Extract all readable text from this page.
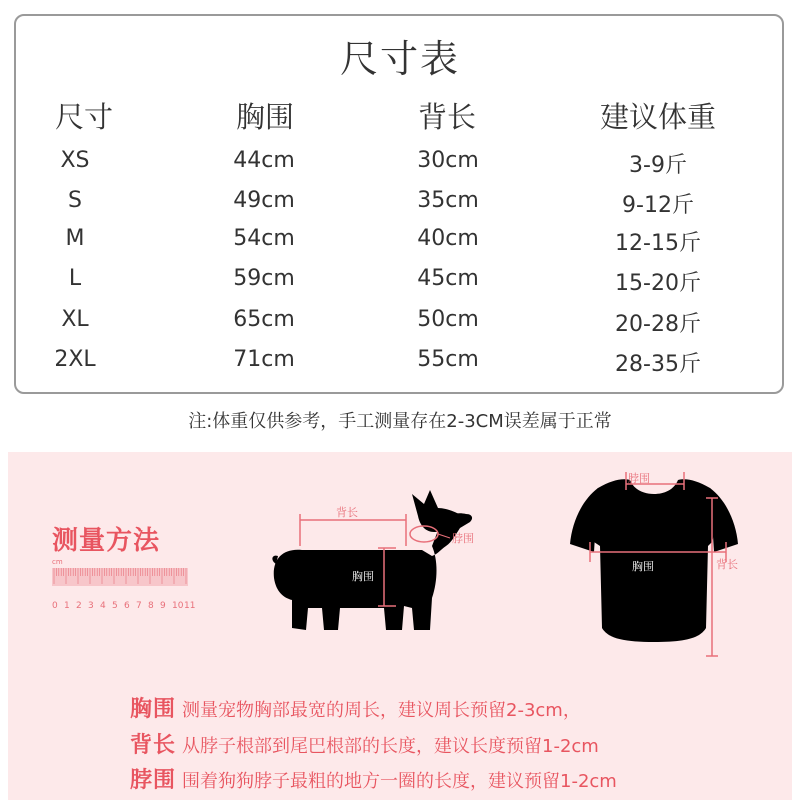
尺寸表
尺寸	胸围	背长	建议体重
XS	44cm	30cm	3-9斤
S	49cm	35cm	9-12斤
M	54cm	40cm	12-15斤
L	59cm	45cm	15-20斤
XL	65cm	50cm	20-28斤
2XL	71cm	55cm	28-35斤
注:体重仅供参考，手工测量存在2-3CM误差属于正常
测量方法
cm
0 1 2 3 4 5 6 7 8 9 10 11
背长
脖围
胸围
脖围
胸围	背长
胸围 测量宠物胸部最宽的周长，建议周长预留2-3cm，
背长 从脖子根部到尾巴根部的长度，建议长度预留1-2cm
脖围 围着狗狗脖子最粗的地方一圈的长度，建议预留1-2cm
